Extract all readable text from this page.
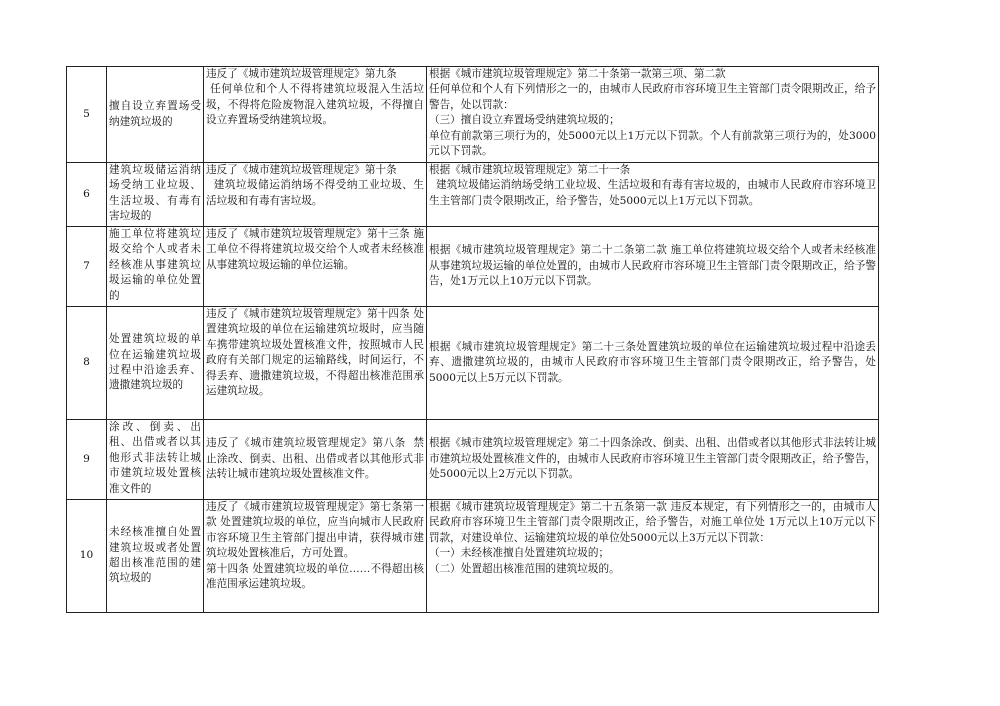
5	擅自设立弃置场受纳建筑垃圾的	违反了《城市建筑垃圾管理规定》第九条
任何单位和个人不得将建筑垃圾混入生活垃圾，不得将危险废物混入建筑垃圾，不得擅自设立弃置场受纳建筑垃圾。	根据《城市建筑垃圾管理规定》第二十条第一款第三项、第二款
任何单位和个人有下列情形之一的，由城市人民政府市容环境卫生主管部门责令限期改正，给予警告，处以罚款：
（三）擅自设立弃置场受纳建筑垃圾的；
单位有前款第三项行为的，处5000元以上1万元以下罚款。个人有前款第三项行为的，处3000元以下罚款。

6	建筑垃圾储运消纳场受纳工业垃圾、生活垃圾、有毒有害垃圾的	违反了《城市建筑垃圾管理规定》第十条
建筑垃圾储运消纳场不得受纳工业垃圾、生活垃圾和有毒有害垃圾。	根据《城市建筑垃圾管理规定》第二十一条
建筑垃圾储运消纳场受纳工业垃圾、生活垃圾和有毒有害垃圾的，由城市人民政府市容环境卫生主管部门责令限期改正，给予警告，处5000元以上1万元以下罚款。

7	施工单位将建筑垃圾交给个人或者未经核准从事建筑垃圾运输的单位处置的	违反了《城市建筑垃圾管理规定》第十三条 施工单位不得将建筑垃圾交给个人或者未经核准从事建筑垃圾运输的单位运输。	根据《城市建筑垃圾管理规定》第二十二条第二款 施工单位将建筑垃圾交给个人或者未经核准从事建筑垃圾运输的单位处置的，由城市人民政府市容环境卫生主管部门责令限期改正，给予警告，处1万元以上10万元以下罚款。

8	处置建筑垃圾的单位在运输建筑垃圾过程中沿途丢弃、遗撒建筑垃圾的	违反了《城市建筑垃圾管理规定》第十四条 处置建筑垃圾的单位在运输建筑垃圾时，应当随车携带建筑垃圾处置核准文件，按照城市人民政府有关部门规定的运输路线，时间运行，不得丢弃、遗撒建筑垃圾，不得超出核准范围承运建筑垃圾。	根据《城市建筑垃圾管理规定》第二十三条处置建筑垃圾的单位在运输建筑垃圾过程中沿途丢弃、遗撒建筑垃圾的，由城市人民政府市容环境卫生主管部门责令限期改正，给予警告，处5000元以上5万元以下罚款。

9	涂改、倒卖、出租、出借或者以其他形式非法转让城市建筑垃圾处置核准文件的	违反了《城市建筑垃圾管理规定》第八条  禁止涂改、倒卖、出租、出借或者以其他形式非法转让城市建筑垃圾处置核准文件。	根据《城市建筑垃圾管理规定》第二十四条涂改、倒卖、出租、出借或者以其他形式非法转让城市建筑垃圾处置核准文件的，由城市人民政府市容环境卫生主管部门责令限期改正，给予警告，处5000元以上2万元以下罚款。

10	未经核准擅自处置建筑垃圾或者处置超出核准范围的建筑垃圾的	违反了《城市建筑垃圾管理规定》第七条第一款 处置建筑垃圾的单位，应当向城市人民政府市容环境卫生主管部门提出申请，获得城市建筑垃圾处置核准后，方可处置。
第十四条 处置建筑垃圾的单位……不得超出核准范围承运建筑垃圾。	根据《城市建筑垃圾管理规定》第二十五条第一款 违反本规定，有下列情形之一的，由城市人民政府市容环境卫生主管部门责令限期改正，给予警告，对施工单位处 1万元以上10万元以下罚款，对建设单位、运输建筑垃圾的单位处5000元以上3万元以下罚款：
（一）未经核准擅自处置建筑垃圾的；
（二）处置超出核准范围的建筑垃圾的。
